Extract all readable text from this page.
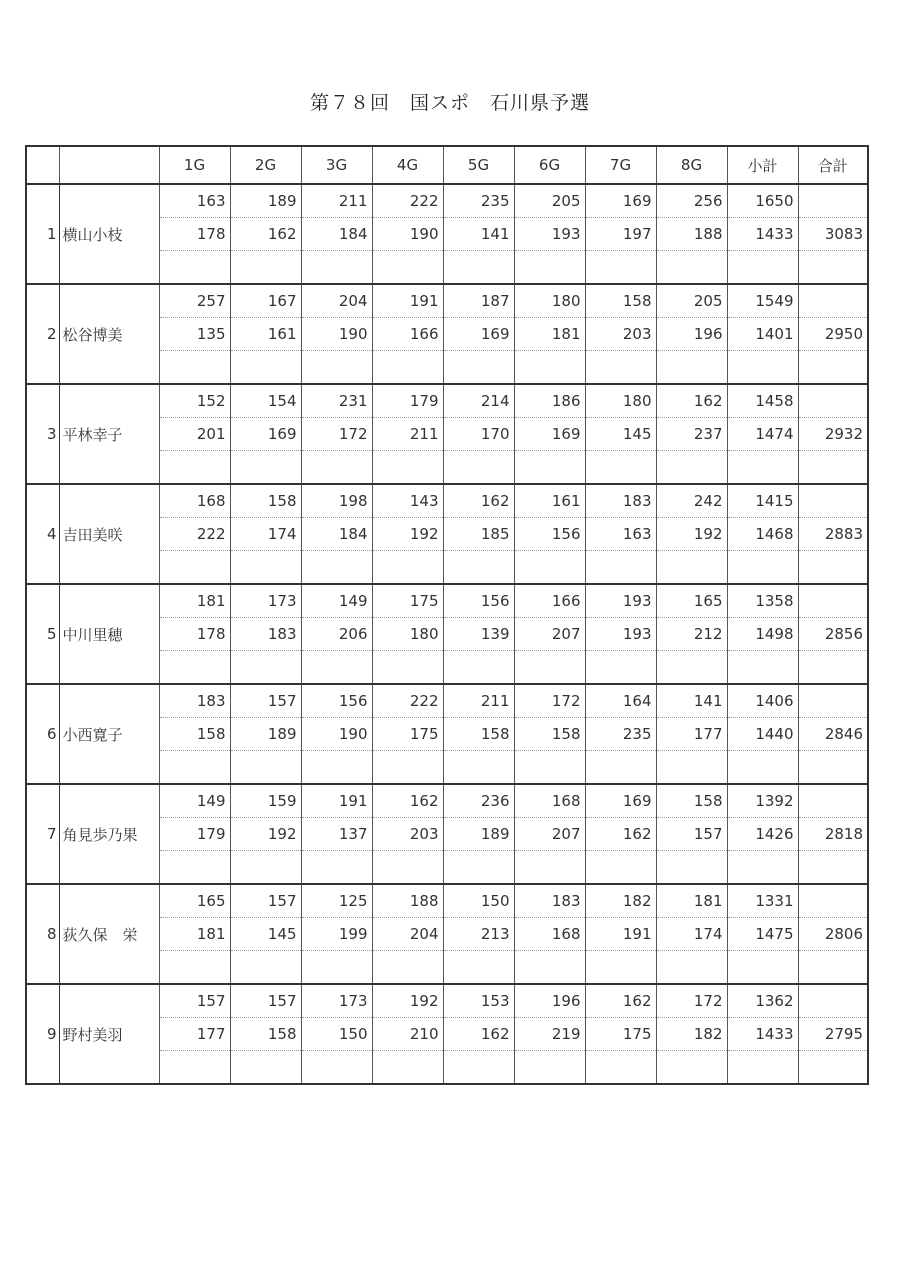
第７８回　国スポ　石川県予選
		1G	2G	3G	4G	5G	6G	7G	8G	小計	合計
		163	189	211	222	235	205	169	256	1650	
1	横山小枝	178	162	184	190	141	193	197	188	1433	3083

		257	167	204	191	187	180	158	205	1549	
2	松谷博美	135	161	190	166	169	181	203	196	1401	2950

		152	154	231	179	214	186	180	162	1458	
3	平林幸子	201	169	172	211	170	169	145	237	1474	2932

		168	158	198	143	162	161	183	242	1415	
4	吉田美咲	222	174	184	192	185	156	163	192	1468	2883

		181	173	149	175	156	166	193	165	1358	
5	中川里穂	178	183	206	180	139	207	193	212	1498	2856

		183	157	156	222	211	172	164	141	1406	
6	小西寛子	158	189	190	175	158	158	235	177	1440	2846

		149	159	191	162	236	168	169	158	1392	
7	角見歩乃果	179	192	137	203	189	207	162	157	1426	2818

		165	157	125	188	150	183	182	181	1331	
8	荻久保　栄	181	145	199	204	213	168	191	174	1475	2806

		157	157	173	192	153	196	162	172	1362	
9	野村美羽	177	158	150	210	162	219	175	182	1433	2795
